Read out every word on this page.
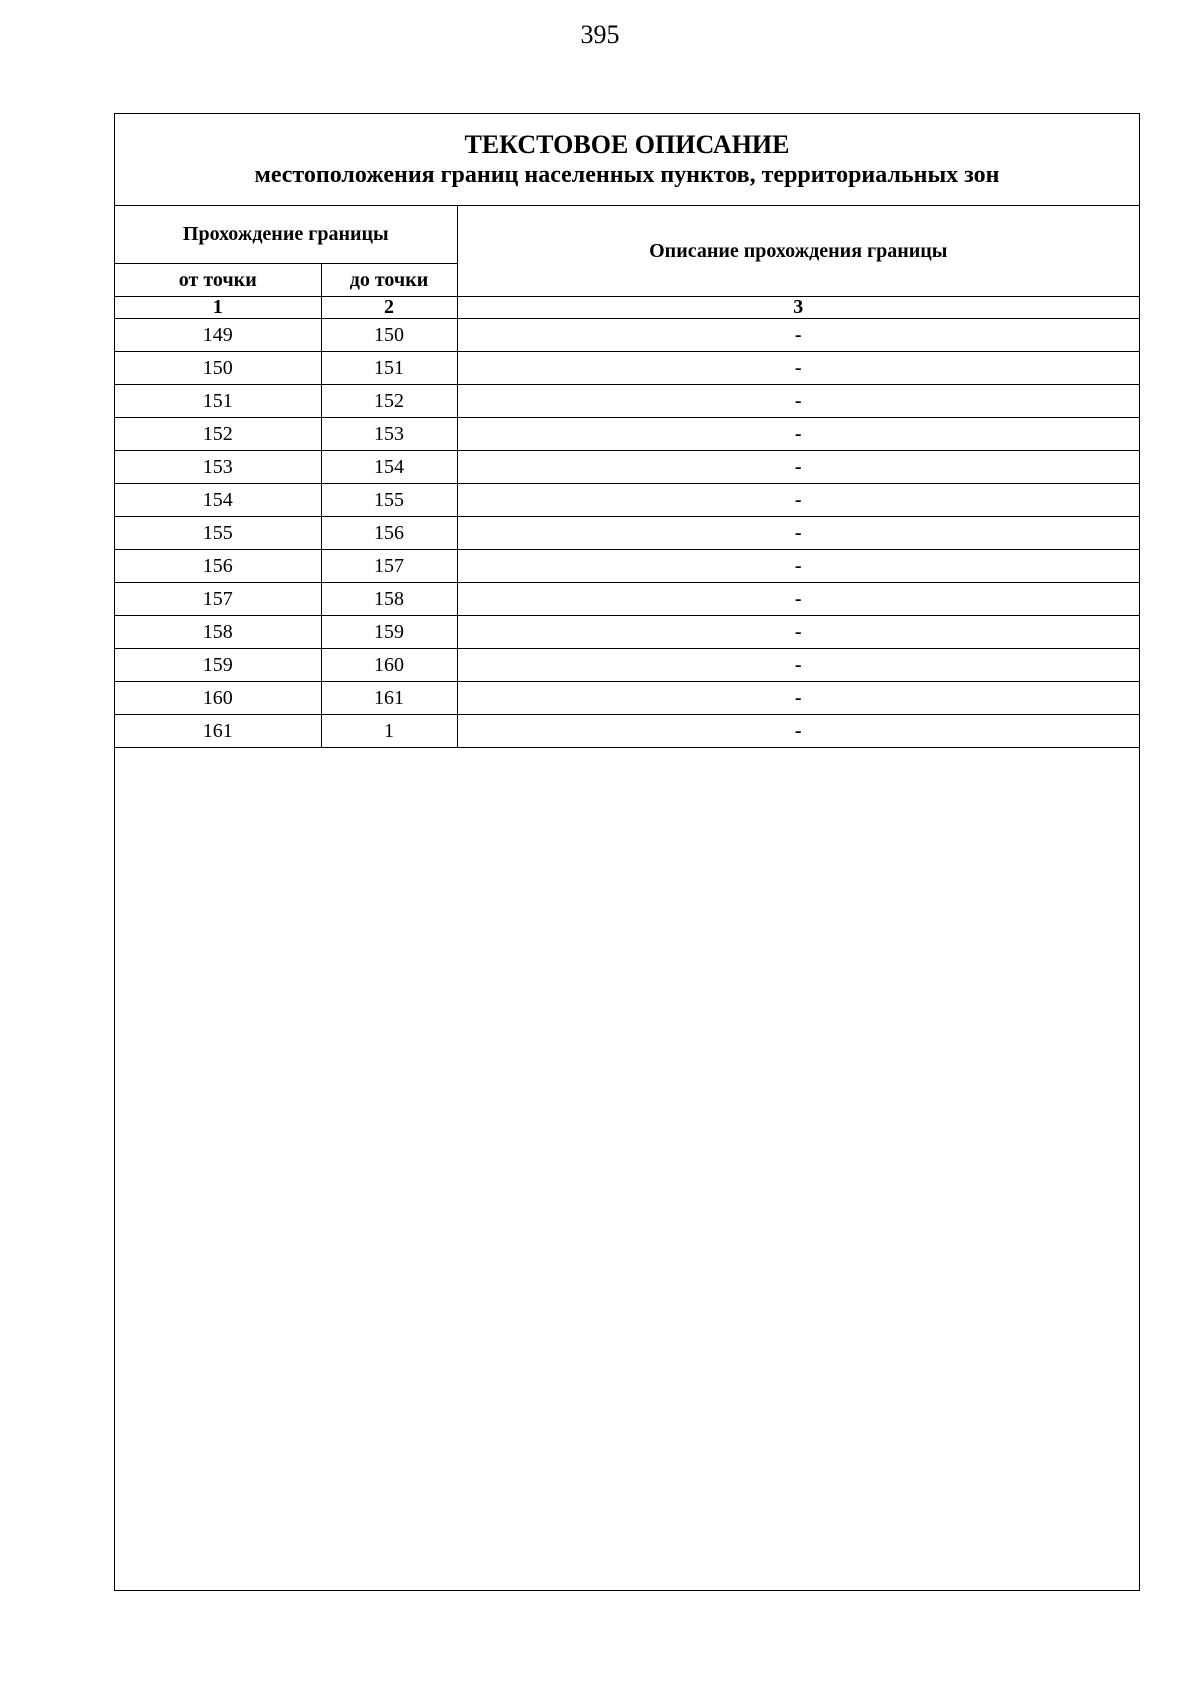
395
ТЕКСТОВОЕ ОПИСАНИЕ
местоположения границ населенных пунктов, территориальных зон
Прохождение границы		Описание прохождения границы
от точки	до точки	
1	2	3
149	150	-
150	151	-
151	152	-
152	153	-
153	154	-
154	155	-
155	156	-
156	157	-
157	158	-
158	159	-
159	160	-
160	161	-
161	1	-
